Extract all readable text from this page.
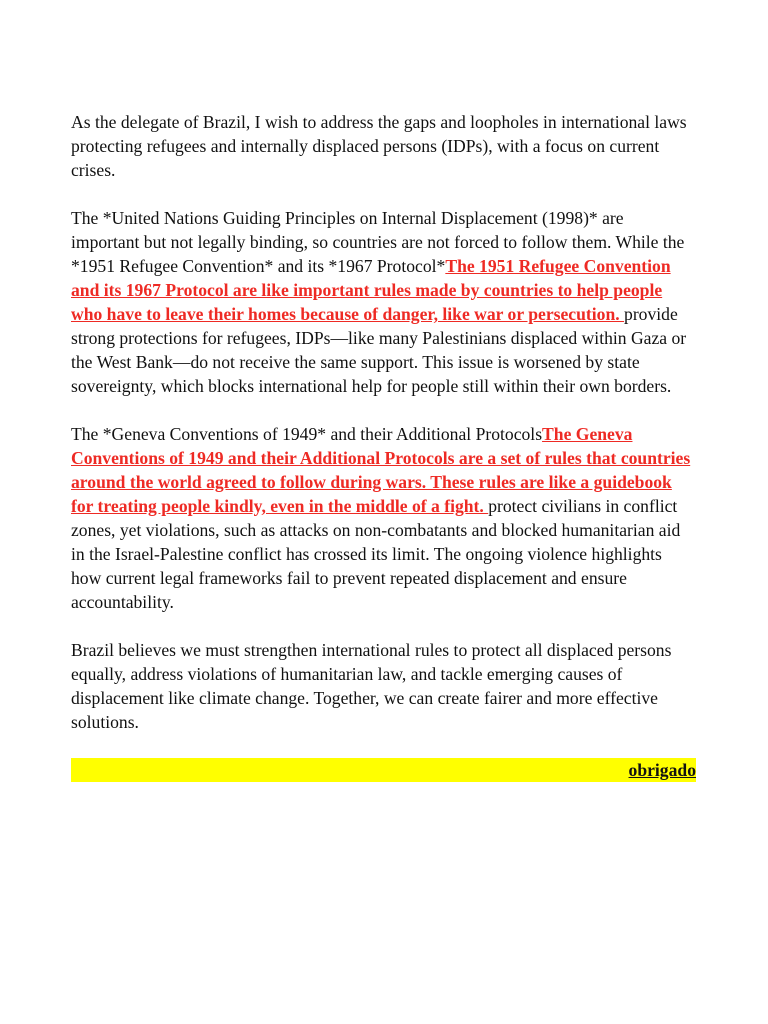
As the delegate of Brazil, I wish to address the gaps and loopholes in international laws protecting refugees and internally displaced persons (IDPs), with a focus on current crises.

The *United Nations Guiding Principles on Internal Displacement (1998)* are important but not legally binding, so countries are not forced to follow them. While the *1951 Refugee Convention* and its *1967 Protocol*The 1951 Refugee Convention and its 1967 Protocol are like important rules made by countries to help people who have to leave their homes because of danger, like war or persecution. provide strong protections for refugees, IDPs—like many Palestinians displaced within Gaza or the West Bank—do not receive the same support. This issue is worsened by state sovereignty, which blocks international help for people still within their own borders.

The *Geneva Conventions of 1949* and their Additional ProtocolsThe Geneva Conventions of 1949 and their Additional Protocols are a set of rules that countries around the world agreed to follow during wars. These rules are like a guidebook for treating people kindly, even in the middle of a fight. protect civilians in conflict zones, yet violations, such as attacks on non-combatants and blocked humanitarian aid in the Israel-Palestine conflict has crossed its limit. The ongoing violence highlights how current legal frameworks fail to prevent repeated displacement and ensure accountability.

Brazil believes we must strengthen international rules to protect all displaced persons equally, address violations of humanitarian law, and tackle emerging causes of displacement like climate change. Together, we can create fairer and more effective solutions.

obrigado
